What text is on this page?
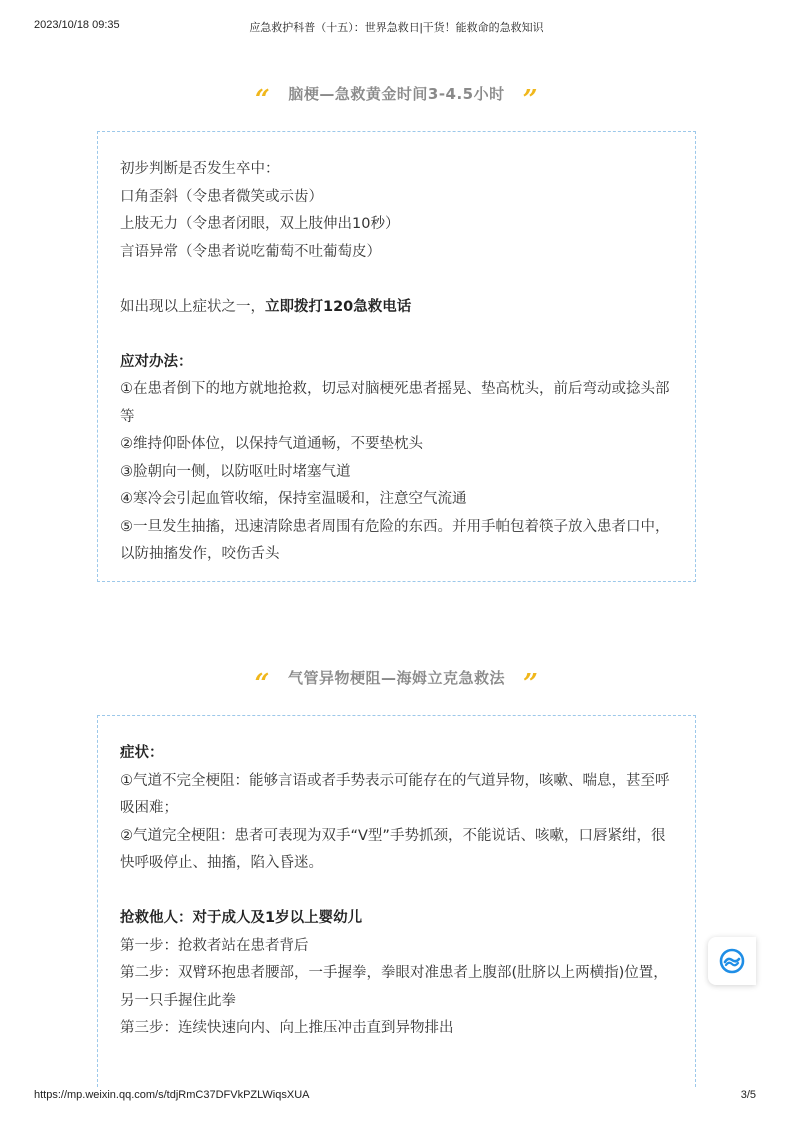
2023/10/18 09:35	应急救护科普（十五）：世界急救日|干货！能救命的急救知识
“ 脑梗—急救黄金时间3-4.5小时 ”

初步判断是否发生卒中：

口角歪斜（令患者微笑或示齿）

上肢无力（令患者闭眼，双上肢伸出10秒）

言语异常（令患者说吃葡萄不吐葡萄皮）

如出现以上症状之一，立即拨打120急救电话

应对办法：

①在患者倒下的地方就地抢救，切忌对脑梗死患者摇晃、垫高枕头，前后弯动或捻头部等

②维持仰卧体位，以保持气道通畅，不要垫枕头

③脸朝向一侧，以防呕吐时堵塞气道

④寒冷会引起血管收缩，保持室温暖和，注意空气流通

⑤一旦发生抽搐，迅速清除患者周围有危险的东西。并用手帕包着筷子放入患者口中，以防抽搐发作，咬伤舌头

“ 气管异物梗阻—海姆立克急救法 ”

症状：

①气道不完全梗阻：能够言语或者手势表示可能存在的气道异物，咳嗽、喘息，甚至呼吸困难；

②气道完全梗阻：患者可表现为双手“V型”手势抓颈，不能说话、咳嗽，口唇紧绀，很快呼吸停止、抽搐，陷入昏迷。

抢救他人：对于成人及1岁以上婴幼儿

第一步：抢救者站在患者背后

第二步：双臂环抱患者腰部，一手握拳，拳眼对准患者上腹部(肚脐以上两横指)位置，另一只手握住此拳

第三步：连续快速向内、向上推压冲击直到异物排出

https://mp.weixin.qq.com/s/tdjRmC37DFVkPZLWiqsXUA	3/5
